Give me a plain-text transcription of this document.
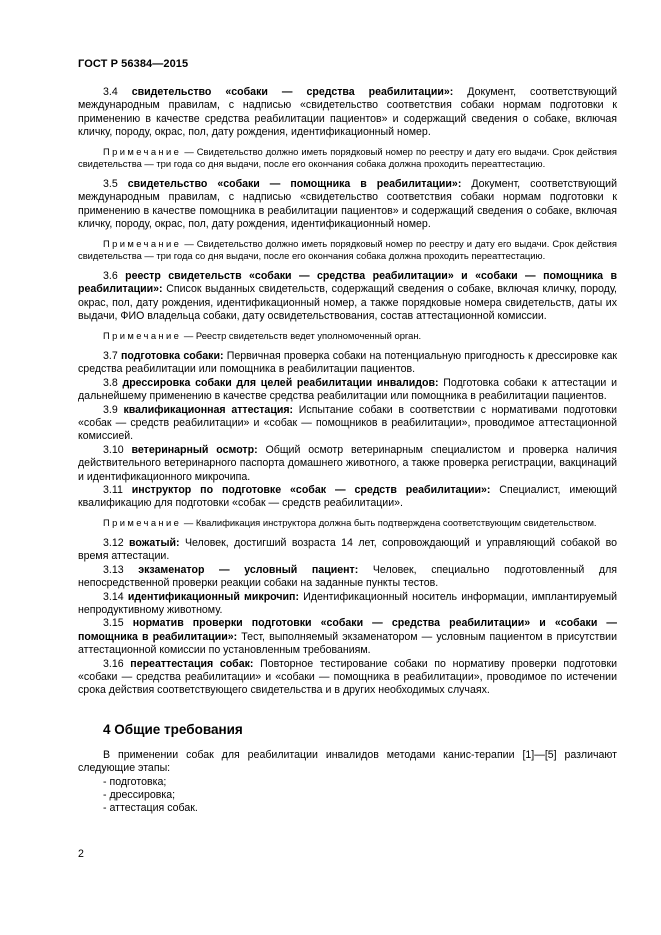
ГОСТ Р 56384—2015

3.4 свидетельство «собаки — средства реабилитации»: Документ, соответствующий международным правилам, с надписью «свидетельство соответствия собаки нормам подготовки к применению в качестве средства реабилитации пациентов» и содержащий сведения о собаке, включая кличку, породу, окрас, пол, дату рождения, идентификационный номер.

Примечание — Свидетельство должно иметь порядковый номер по реестру и дату его выдачи. Срок действия свидетельства — три года со дня выдачи, после его окончания собака должна проходить переаттестацию.

3.5 свидетельство «собаки — помощника в реабилитации»: Документ, соответствующий международным правилам, с надписью «свидетельство соответствия собаки нормам подготовки к применению в качестве помощника в реабилитации пациентов» и содержащий сведения о собаке, включая кличку, породу, окрас, пол, дату рождения, идентификационный номер.

Примечание — Свидетельство должно иметь порядковый номер по реестру и дату его выдачи. Срок действия свидетельства — три года со дня выдачи, после его окончания собака должна проходить переаттестацию.

3.6 реестр свидетельств «собаки — средства реабилитации» и «собаки — помощника в реабилитации»: Список выданных свидетельств, содержащий сведения о собаке, включая кличку, породу, окрас, пол, дату рождения, идентификационный номер, а также порядковые номера свидетельств, даты их выдачи, ФИО владельца собаки, дату освидетельствования, состав аттестационной комиссии.

Примечание — Реестр свидетельств ведет уполномоченный орган.

3.7 подготовка собаки: Первичная проверка собаки на потенциальную пригодность к дрессировке как средства реабилитации или помощника в реабилитации пациентов.

3.8 дрессировка собаки для целей реабилитации инвалидов: Подготовка собаки к аттестации и дальнейшему применению в качестве средства реабилитации или помощника в реабилитации пациентов.

3.9 квалификационная аттестация: Испытание собаки в соответствии с нормативами подготовки «собак — средств реабилитации» и «собак — помощников в реабилитации», проводимое аттестационной комиссией.

3.10 ветеринарный осмотр: Общий осмотр ветеринарным специалистом и проверка наличия действительного ветеринарного паспорта домашнего животного, а также проверка регистрации, вакцинаций и идентификационного микрочипа.

3.11 инструктор по подготовке «собак — средств реабилитации»: Специалист, имеющий квалификацию для подготовки «собак — средств реабилитации».

Примечание — Квалификация инструктора должна быть подтверждена соответствующим свидетельством.

3.12 вожатый: Человек, достигший возраста 14 лет, сопровождающий и управляющий собакой во время аттестации.

3.13 экзаменатор — условный пациент: Человек, специально подготовленный для непосредственной проверки реакции собаки на заданные пункты тестов.

3.14 идентификационный микрочип: Идентификационный носитель информации, имплантируемый непродуктивному животному.

3.15 норматив проверки подготовки «собаки — средства реабилитации» и «собаки — помощника в реабилитации»: Тест, выполняемый экзаменатором — условным пациентом в присутствии аттестационной комиссии по установленным требованиям.

3.16 переаттестация собак: Повторное тестирование собаки по нормативу проверки подготовки «собаки — средства реабилитации» и «собаки — помощника в реабилитации», проводимое по истечении срока действия соответствующего свидетельства и в других необходимых случаях.

4 Общие требования

В применении собак для реабилитации инвалидов методами канис-терапии [1]—[5] различают следующие этапы:

- подготовка;
- дрессировка;
- аттестация собак.
2
